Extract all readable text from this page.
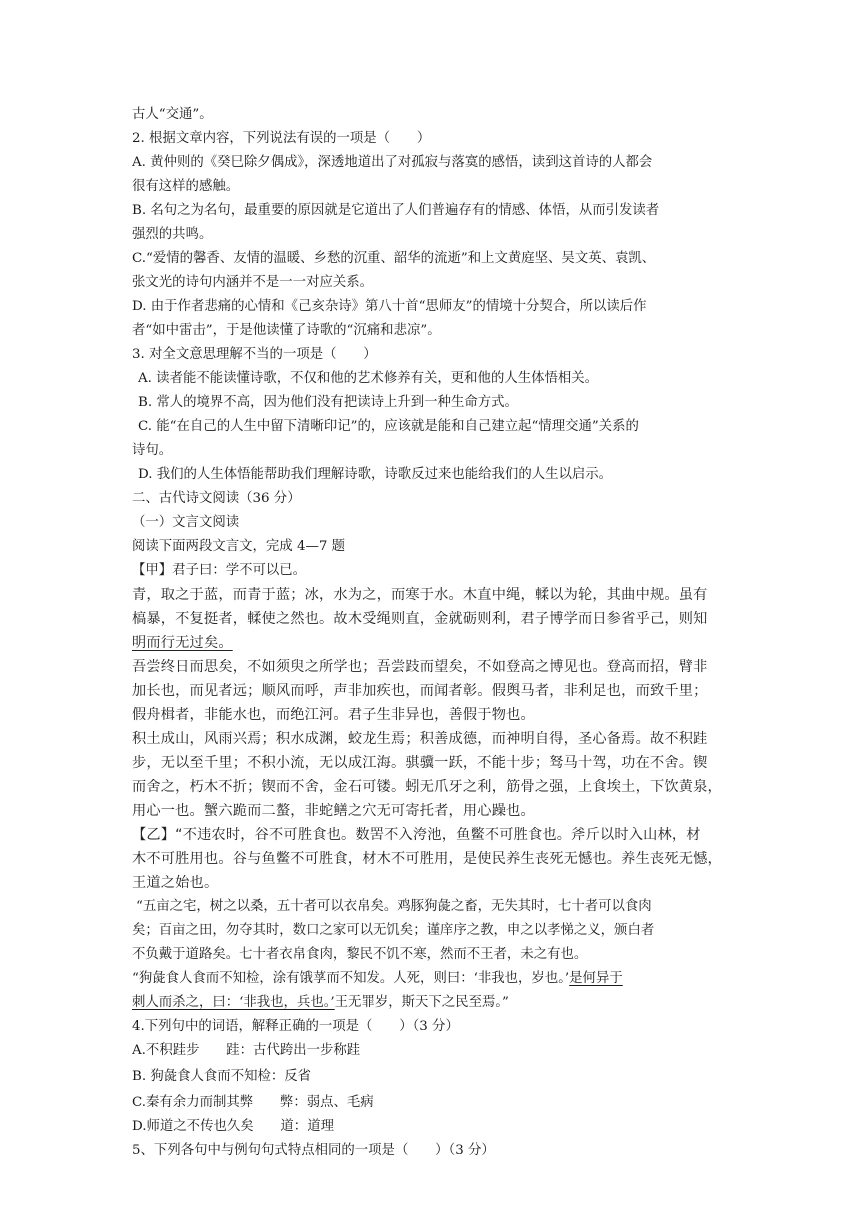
古人“交通”。
2. 根据文章内容，下列说法有误的一项是（　　）
A. 黄仲则的《癸巳除夕偶成》，深透地道出了对孤寂与落寞的感悟，读到这首诗的人都会
很有这样的感触。
B. 名句之为名句，最重要的原因就是它道出了人们普遍存有的情感、体悟，从而引发读者
强烈的共鸣。
C.“爱情的馨香、友情的温暖、乡愁的沉重、韶华的流逝”和上文黄庭坚、吴文英、袁凯、
张文光的诗句内涵并不是一一对应关系。
D. 由于作者悲痛的心情和《己亥杂诗》第八十首“思师友”的情境十分契合，所以读后作
者“如中雷击”，于是他读懂了诗歌的“沉痛和悲凉”。
3. 对全文意思理解不当的一项是（　　）
A. 读者能不能读懂诗歌，不仅和他的艺术修养有关，更和他的人生体悟相关。
B. 常人的境界不高，因为他们没有把读诗上升到一种生命方式。
C. 能“在自己的人生中留下清晰印记”的，应该就是能和自己建立起“情理交通”关系的
诗句。
D. 我们的人生体悟能帮助我们理解诗歌，诗歌反过来也能给我们的人生以启示。
二、古代诗文阅读（36 分）
（一）文言文阅读
阅读下面两段文言文，完成 4—7 题
【甲】君子曰：学不可以已。
青，取之于蓝，而青于蓝；冰，水为之，而寒于水。木直中绳，輮以为轮，其曲中规。虽有
槁暴，不复挺者，輮使之然也。故木受绳则直，金就砺则利，君子博学而日参省乎己，则知
明而行无过矣。
吾尝终日而思矣，不如须臾之所学也；吾尝跂而望矣，不如登高之博见也。登高而招，臂非
加长也，而见者远；顺风而呼，声非加疾也，而闻者彰。假舆马者，非利足也，而致千里；
假舟楫者，非能水也，而绝江河。君子生非异也，善假于物也。
积土成山，风雨兴焉；积水成渊，蛟龙生焉；积善成德，而神明自得，圣心备焉。故不积跬
步，无以至千里；不积小流，无以成江海。骐骥一跃，不能十步；驽马十驾，功在不舍。锲
而舍之，朽木不折；锲而不舍，金石可镂。蚓无爪牙之利，筋骨之强，上食埃土，下饮黄泉，
用心一也。蟹六跪而二螯，非蛇鳝之穴无可寄托者，用心躁也。
【乙】“不违农时，谷不可胜食也。数罟不入洿池，鱼鳖不可胜食也。斧斤以时入山林，材
木不可胜用也。谷与鱼鳖不可胜食，材木不可胜用，是使民养生丧死无憾也。养生丧死无憾，
王道之始也。
“五亩之宅，树之以桑，五十者可以衣帛矣。鸡豚狗彘之畜，无失其时，七十者可以食肉
矣；百亩之田，勿夺其时，数口之家可以无饥矣；谨庠序之教，申之以孝悌之义，颁白者
不负戴于道路矣。七十者衣帛食肉，黎民不饥不寒，然而不王者，未之有也。
“狗彘食人食而不知检，涂有饿莩而不知发。人死，则曰：‘非我也，岁也。’是何异于
刺人而杀之，曰：‘非我也，兵也。’王无罪岁，斯天下之民至焉。”
4.下列句中的词语，解释正确的一项是（　　）（3 分）
A.不积跬步　　跬：古代跨出一步称跬
B. 狗彘食人食而不知检：反省
C.秦有余力而制其弊　　弊：弱点、毛病
D.师道之不传也久矣　　道：道理
5、下列各句中与例句句式特点相同的一项是（　　）（3 分）
